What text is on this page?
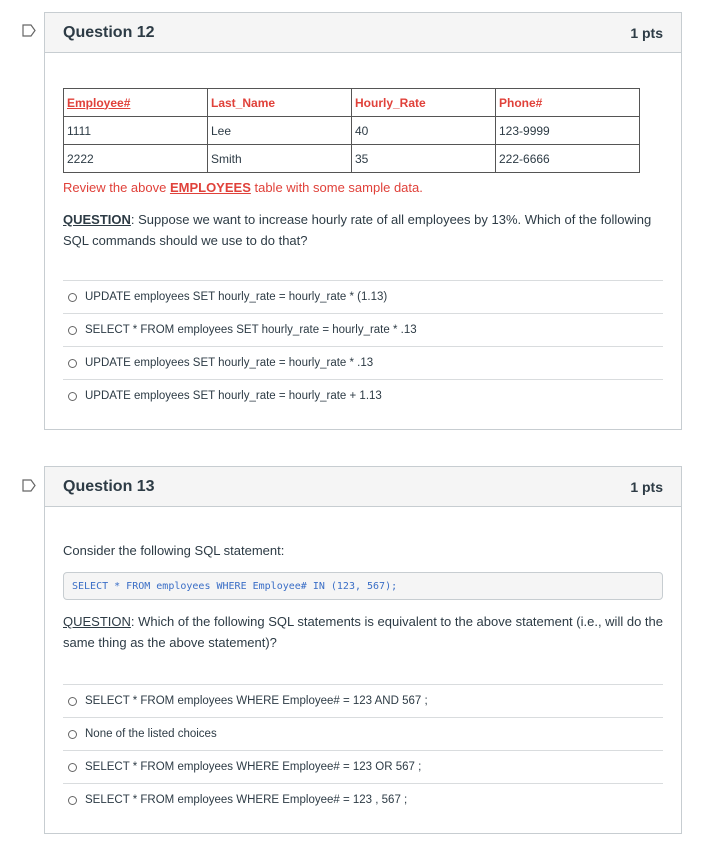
Question 12	1 pts
Employee#	Last_Name	Hourly_Rate	Phone#
1111	Lee	40	123-9999
2222	Smith	35	222-6666
Review the above EMPLOYEES table with some sample data.
QUESTION: Suppose we want to increase hourly rate of all employees by 13%. Which of the following SQL commands should we use to do that?
UPDATE employees SET hourly_rate = hourly_rate * (1.13)
SELECT * FROM employees SET hourly_rate = hourly_rate * .13
UPDATE employees SET hourly_rate = hourly_rate * .13
UPDATE employees SET hourly_rate = hourly_rate + 1.13
Question 13	1 pts
Consider the following SQL statement:
SELECT * FROM employees WHERE Employee# IN (123, 567);
QUESTION: Which of the following SQL statements is equivalent to the above statement (i.e., will do the same thing as the above statement)?
SELECT * FROM employees WHERE Employee# = 123 AND 567 ;
None of the listed choices
SELECT * FROM employees WHERE Employee# = 123 OR 567 ;
SELECT * FROM employees WHERE Employee# = 123 , 567 ;
